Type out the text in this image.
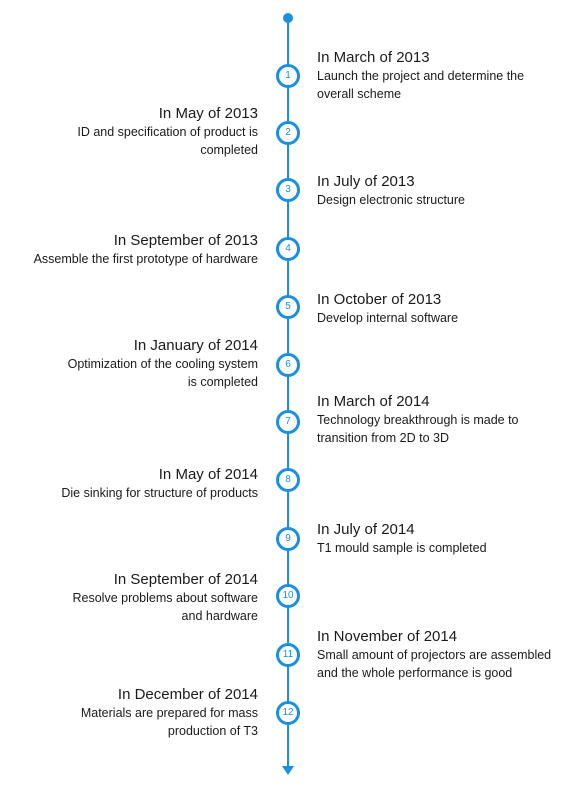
1
In March of 2013
Launch the project and determine the
overall scheme
2
In May of 2013
ID and specification of product is
completed
3	In July of 2013
Design electronic structure
4
In September of 2013
Assemble the first prototype of hardware
5	In October of 2013
Develop internal software
6
In January of 2014
Optimization of the cooling system
is completed
7
In March of 2014
Technology breakthrough is made to
transition from 2D to 3D
8
In May of 2014
Die sinking for structure of products
9
In July of 2014
T1 mould sample is completed
10
In September of 2014
Resolve problems about software
and hardware
11
In November of 2014
Small amount of projectors are assembled
and the whole performance is good
12
In December of 2014
Materials are prepared for mass
production of T3
